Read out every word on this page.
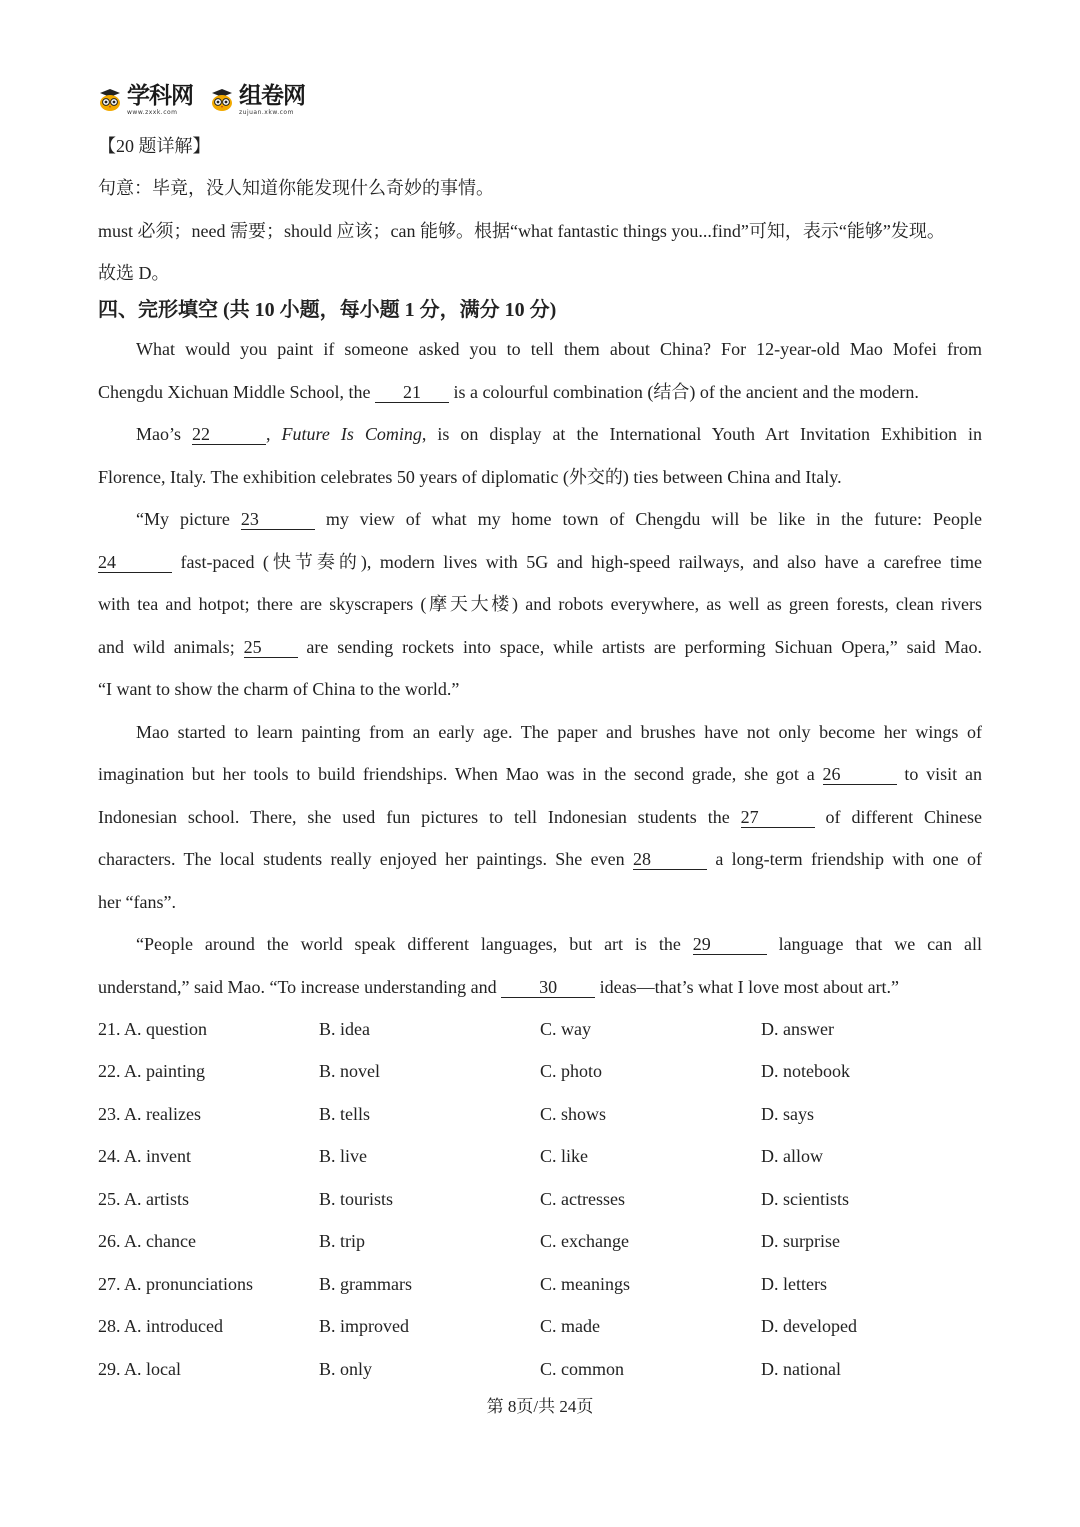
学科网
www.zxxk.com
组卷网
zujuan.xkw.com
【20 题详解】
句意：毕竟，没人知道你能发现什么奇妙的事情。
must 必须；need 需要；should 应该；can 能够。根据“what fantastic things you...find”可知，表示“能够”发现。
故选 D。
四、完形填空 (共 10 小题，每小题 1 分，满分 10 分)
What would you paint if someone asked you to tell them about China? For 12-year-old Mao Mofei from
Chengdu Xichuan Middle School, the 21 is a colourful combination (结合) of the ancient and the modern.
Mao’s 22	, Future Is Coming, is on display at the International Youth Art Invitation Exhibition in
Florence, Italy. The exhibition celebrates 50 years of diplomatic (外交的) ties between China and Italy.
“My picture 23	my view of what my home town of Chengdu will be like in the future: People
24	fast-paced (快节奏的), modern lives with 5G and high-speed railways, and also have a carefree time
with tea and hotpot; there are skyscrapers (摩天大楼) and robots everywhere, as well as green forests, clean rivers
and wild animals; 25 are sending rockets into space, while artists are performing Sichuan Opera,” said Mao.
“I want to show the charm of China to the world.”
Mao started to learn painting from an early age. The paper and brushes have not only become her wings of
imagination but her tools to build friendships. When Mao was in the second grade, she got a 26	to visit an
Indonesian school. There, she used fun pictures to tell Indonesian students the 27	of different Chinese
characters. The local students really enjoyed her paintings. She even 28	a long-term friendship with one of
her “fans”.
“People around the world speak different languages, but art is the 29	language that we can all
understand,” said Mao. “To increase understanding and 30 ideas—that’s what I love most about art.”
21. A. question	B. idea	C. way	D. answer
22. A. painting	B. novel	C. photo	D. notebook
23. A. realizes	B. tells	C. shows	D. says
24. A. invent	B. live	C. like	D. allow
25. A. artists	B. tourists	C. actresses	D. scientists
26. A. chance	B. trip	C. exchange	D. surprise
27. A. pronunciations	B. grammars	C. meanings	D. letters
28. A. introduced	B. improved	C. made	D. developed
29. A. local	B. only	C. common	D. national
第 8页/共 24页
